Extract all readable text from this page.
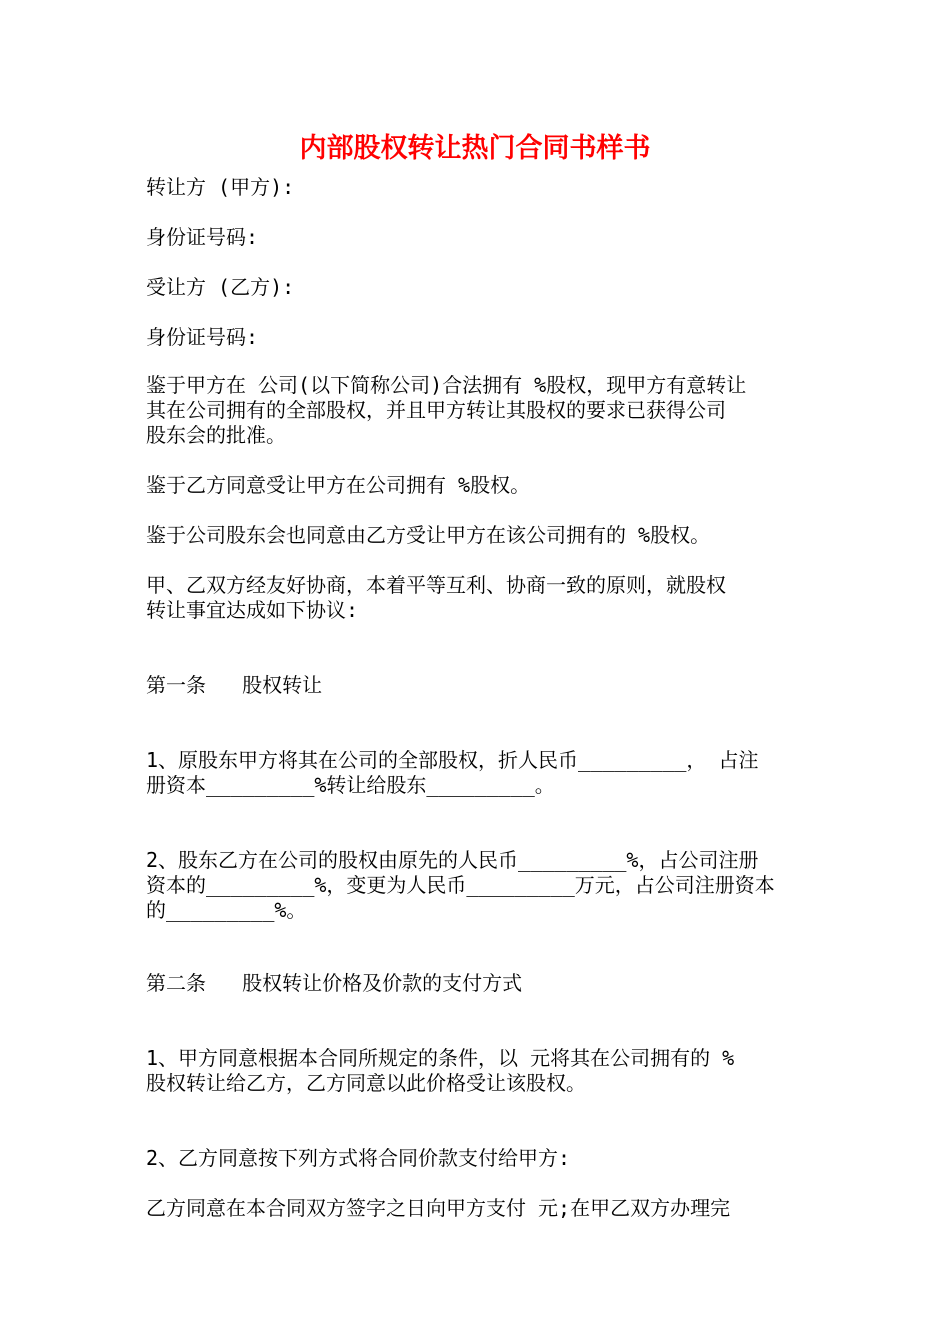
内部股权转让热门合同书样书
转让方 (甲方):
身份证号码:
受让方 (乙方):
身份证号码:
鉴于甲方在 公司(以下简称公司)合法拥有 %股权，现甲方有意转让
其在公司拥有的全部股权，并且甲方转让其股权的要求已获得公司
股东会的批准。
鉴于乙方同意受让甲方在公司拥有 %股权。
鉴于公司股东会也同意由乙方受让甲方在该公司拥有的 %股权。
甲、乙双方经友好协商，本着平等互利、协商一致的原则，就股权
转让事宜达成如下协议:
第一条   股权转让
1、原股东甲方将其在公司的全部股权，折人民币_________， 占注
册资本_________%转让给股东_________。
2、股东乙方在公司的股权由原先的人民币_________%，占公司注册
资本的_________%，变更为人民币_________万元，占公司注册资本
的_________%。
第二条   股权转让价格及价款的支付方式
1、甲方同意根据本合同所规定的条件，以 元将其在公司拥有的 %
股权转让给乙方，乙方同意以此价格受让该股权。
2、乙方同意按下列方式将合同价款支付给甲方:
乙方同意在本合同双方签字之日向甲方支付 元;在甲乙双方办理完
